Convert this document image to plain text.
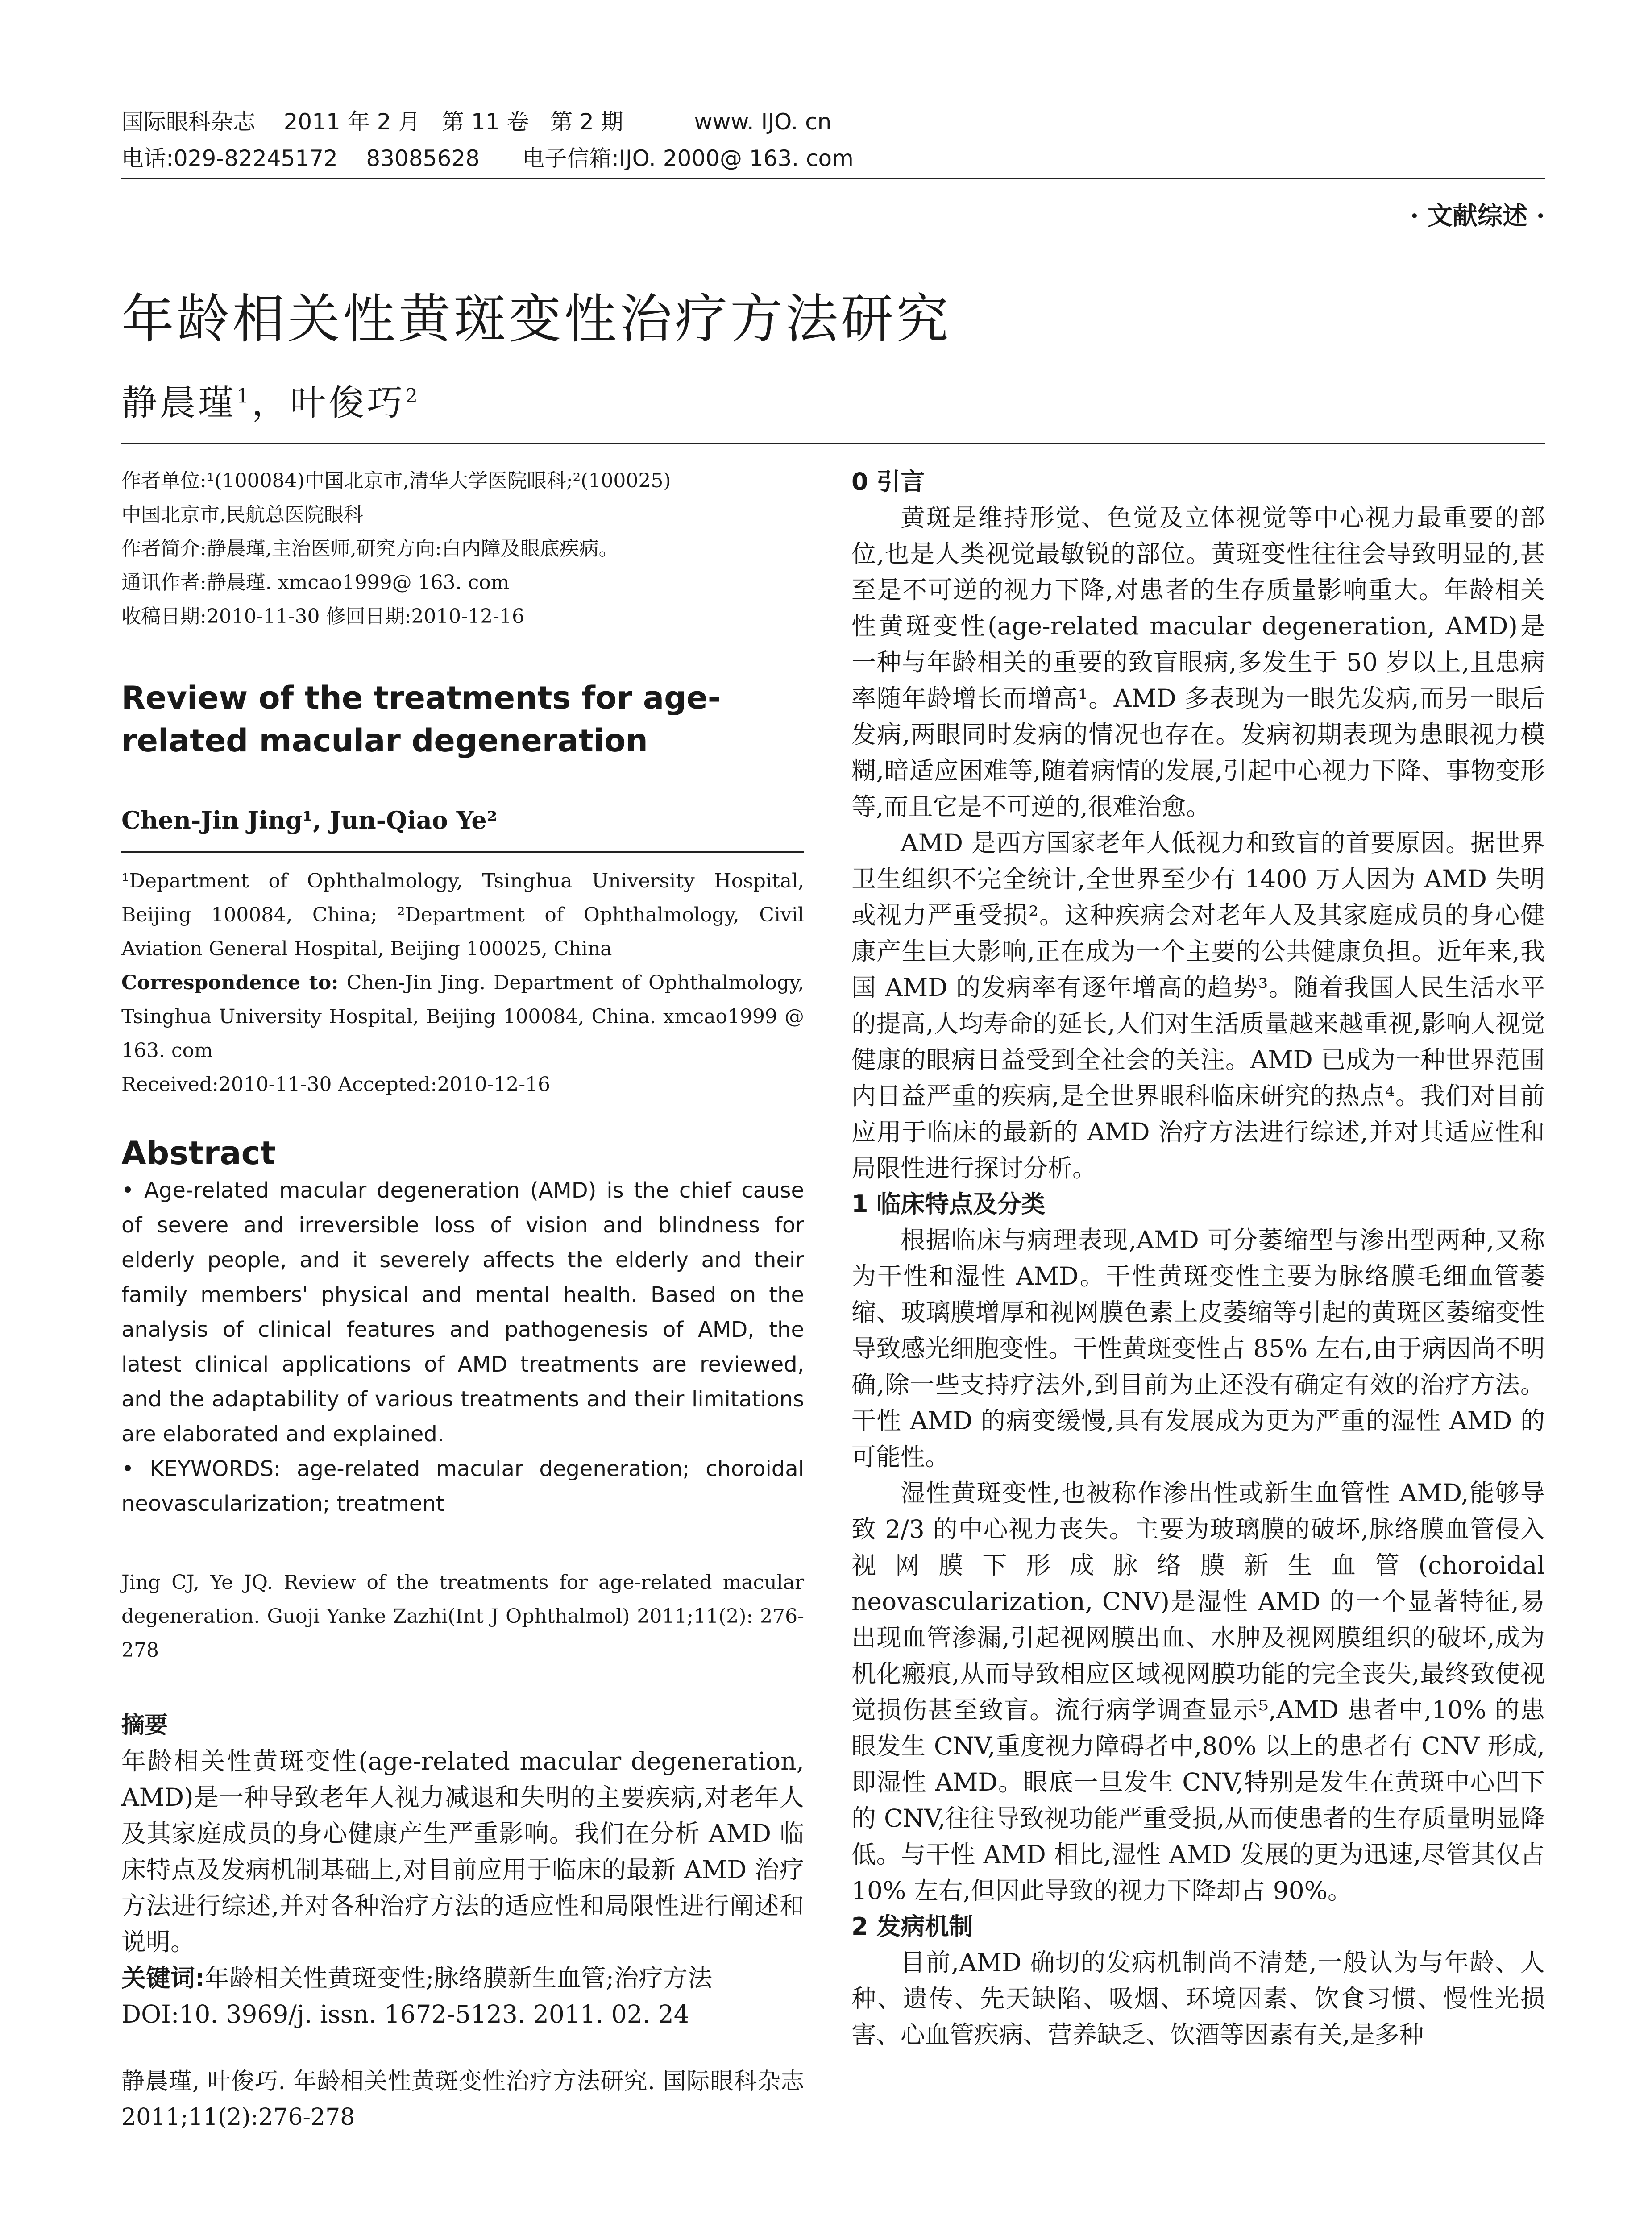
国际眼科杂志    2011 年 2 月   第 11 卷   第 2 期          www. IJO. cn
电话:029-82245172    83085628      电子信箱:IJO. 2000@ 163. com
· 文献综述 ·
年龄相关性黄斑变性治疗方法研究
静晨瑾$^1$，叶俊巧$^2$
作者单位:¹(100084)中国北京市,清华大学医院眼科;²(100025)
中国北京市,民航总医院眼科
作者简介:静晨瑾,主治医师,研究方向:白内障及眼底疾病。
通讯作者:静晨瑾. xmcao1999@ 163. com
收稿日期:2010-11-30 修回日期:2010-12-16
Review of the treatments for age-related macular degeneration
Chen-Jin Jing¹, Jun-Qiao Ye²
¹Department of Ophthalmology, Tsinghua University Hospital, Beijing 100084, China; ²Department of Ophthalmology, Civil Aviation General Hospital, Beijing 100025, China
Correspondence to: Chen-Jin Jing. Department of Ophthalmology, Tsinghua University Hospital, Beijing 100084, China. xmcao1999 @ 163. com
Received:2010-11-30 Accepted:2010-12-16
Abstract
• Age-related macular degeneration (AMD) is the chief cause of severe and irreversible loss of vision and blindness for elderly people, and it severely affects the elderly and their family members' physical and mental health. Based on the analysis of clinical features and pathogenesis of AMD, the latest clinical applications of AMD treatments are reviewed, and the adaptability of various treatments and their limitations are elaborated and explained.
• KEYWORDS: age-related macular degeneration; choroidal neovascularization; treatment
Jing CJ, Ye JQ. Review of the treatments for age-related macular degeneration. Guoji Yanke Zazhi(Int J Ophthalmol) 2011;11(2): 276-278
摘要
年龄相关性黄斑变性(age-related macular degeneration, AMD)是一种导致老年人视力减退和失明的主要疾病,对老年人及其家庭成员的身心健康产生严重影响。我们在分析 AMD 临床特点及发病机制基础上,对目前应用于临床的最新 AMD 治疗方法进行综述,并对各种治疗方法的适应性和局限性进行阐述和说明。
关键词:年龄相关性黄斑变性;脉络膜新生血管;治疗方法
DOI:10. 3969/j. issn. 1672-5123. 2011. 02. 24
静晨瑾, 叶俊巧. 年龄相关性黄斑变性治疗方法研究. 国际眼科杂志 2011;11(2):276-278
0 引言
黄斑是维持形觉、色觉及立体视觉等中心视力最重要的部位,也是人类视觉最敏锐的部位。黄斑变性往往会导致明显的,甚至是不可逆的视力下降,对患者的生存质量影响重大。年龄相关性黄斑变性(age-related macular degeneration, AMD)是一种与年龄相关的重要的致盲眼病,多发生于 50 岁以上,且患病率随年龄增长而增高¹。AMD 多表现为一眼先发病,而另一眼后发病,两眼同时发病的情况也存在。发病初期表现为患眼视力模糊,暗适应困难等,随着病情的发展,引起中心视力下降、事物变形等,而且它是不可逆的,很难治愈。
AMD 是西方国家老年人低视力和致盲的首要原因。据世界卫生组织不完全统计,全世界至少有 1400 万人因为 AMD 失明或视力严重受损²。这种疾病会对老年人及其家庭成员的身心健康产生巨大影响,正在成为一个主要的公共健康负担。近年来,我国 AMD 的发病率有逐年增高的趋势³。随着我国人民生活水平的提高,人均寿命的延长,人们对生活质量越来越重视,影响人视觉健康的眼病日益受到全社会的关注。AMD 已成为一种世界范围内日益严重的疾病,是全世界眼科临床研究的热点⁴。我们对目前应用于临床的最新的 AMD 治疗方法进行综述,并对其适应性和局限性进行探讨分析。
1 临床特点及分类
根据临床与病理表现,AMD 可分萎缩型与渗出型两种,又称为干性和湿性 AMD。干性黄斑变性主要为脉络膜毛细血管萎缩、玻璃膜增厚和视网膜色素上皮萎缩等引起的黄斑区萎缩变性导致感光细胞变性。干性黄斑变性占 85% 左右,由于病因尚不明确,除一些支持疗法外,到目前为止还没有确定有效的治疗方法。干性 AMD 的病变缓慢,具有发展成为更为严重的湿性 AMD 的可能性。
湿性黄斑变性,也被称作渗出性或新生血管性 AMD,能够导致 2/3 的中心视力丧失。主要为玻璃膜的破坏,脉络膜血管侵入视网膜下形成脉络膜新生血管(choroidal neovascularization, CNV)是湿性 AMD 的一个显著特征,易出现血管渗漏,引起视网膜出血、水肿及视网膜组织的破坏,成为机化瘢痕,从而导致相应区域视网膜功能的完全丧失,最终致使视觉损伤甚至致盲。流行病学调查显示⁵,AMD 患者中,10% 的患眼发生 CNV,重度视力障碍者中,80% 以上的患者有 CNV 形成,即湿性 AMD。眼底一旦发生 CNV,特别是发生在黄斑中心凹下的 CNV,往往导致视功能严重受损,从而使患者的生存质量明显降低。与干性 AMD 相比,湿性 AMD 发展的更为迅速,尽管其仅占 10% 左右,但因此导致的视力下降却占 90%。
2 发病机制
目前,AMD 确切的发病机制尚不清楚,一般认为与年龄、人种、遗传、先天缺陷、吸烟、环境因素、饮食习惯、慢性光损害、心血管疾病、营养缺乏、饮酒等因素有关,是多种
